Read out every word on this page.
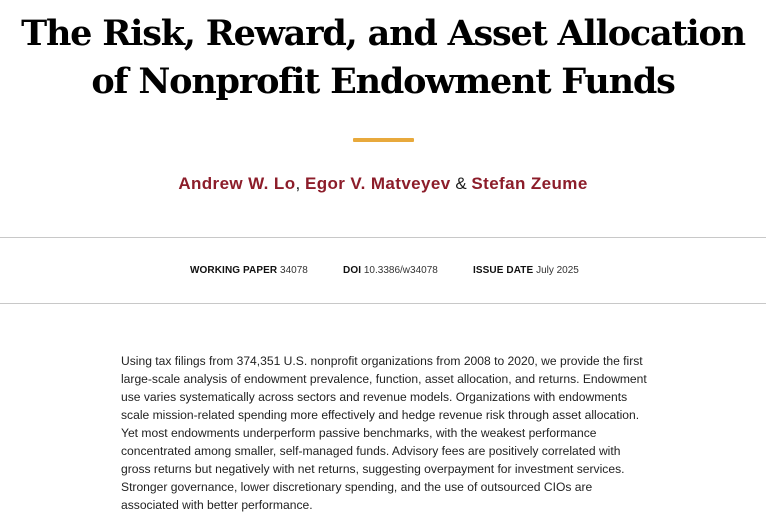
The Risk, Reward, and Asset Allocation of Nonprofit Endowment Funds
Andrew W. Lo, Egor V. Matveyev & Stefan Zeume
WORKING PAPER 34078	DOI 10.3386/w34078	ISSUE DATE July 2025

Using tax filings from 374,351 U.S. nonprofit organizations from 2008 to 2020, we provide the first large-scale analysis of endowment prevalence, function, asset allocation, and returns. Endowment use varies systematically across sectors and revenue models. Organizations with endowments scale mission-related spending more effectively and hedge revenue risk through asset allocation. Yet most endowments underperform passive benchmarks, with the weakest performance concentrated among smaller, self-managed funds. Advisory fees are positively correlated with gross returns but negatively with net returns, suggesting overpayment for investment services. Stronger governance, lower discretionary spending, and the use of outsourced CIOs are associated with better performance.
